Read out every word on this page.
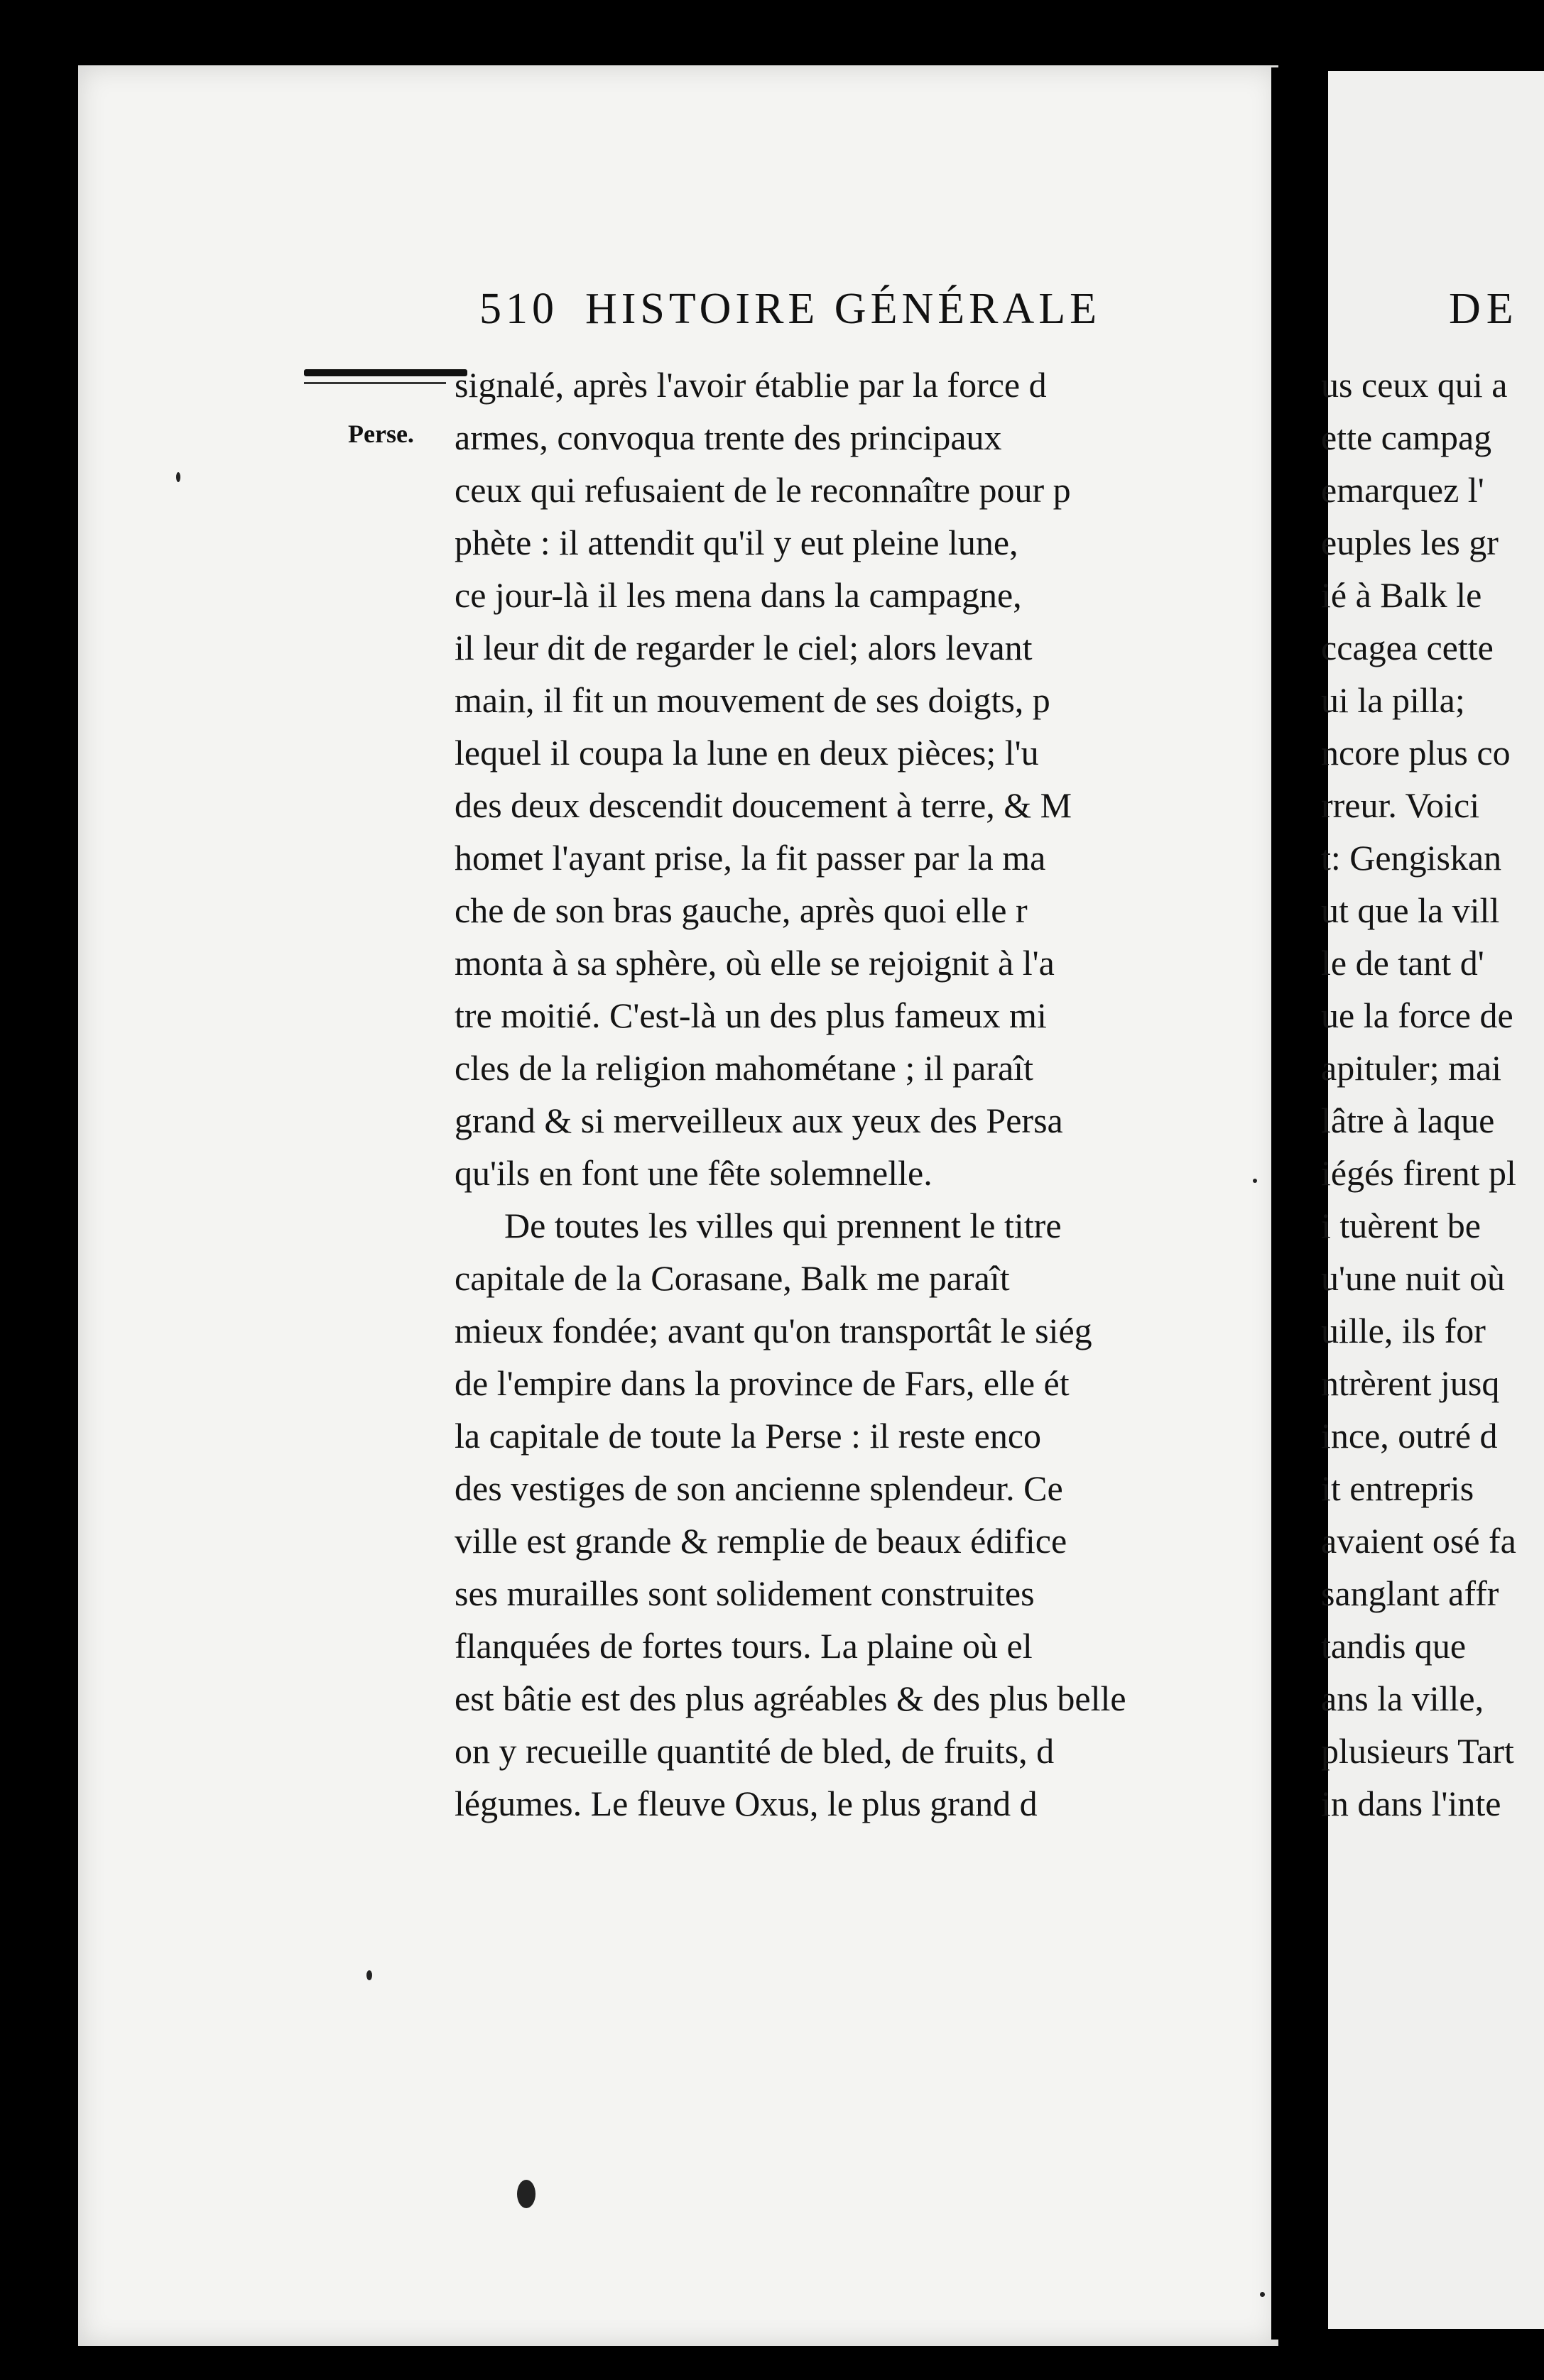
510 HISTOIRE GÉNÉRALE	DE
Perse.
signalé, après l'avoir établie par la force d
armes, convoqua trente des principaux
ceux qui refusaient de le reconnaître pour p
phète : il attendit qu'il y eut pleine lune,
ce jour-là il les mena dans la campagne,
il leur dit de regarder le ciel; alors levant
main, il fit un mouvement de ses doigts, p
lequel il coupa la lune en deux pièces; l'u
des deux descendit doucement à terre, & M
homet l'ayant prise, la fit passer par la ma
che de son bras gauche, après quoi elle r
monta à sa sphère, où elle se rejoignit à l'a
tre moitié. C'est-là un des plus fameux mi
cles de la religion mahométane ; il paraît
grand & si merveilleux aux yeux des Persa
qu'ils en font une fête solemnelle.
De toutes les villes qui prennent le titre
capitale de la Corasane, Balk me paraît
mieux fondée; avant qu'on transportât le siég
de l'empire dans la province de Fars, elle ét
la capitale de toute la Perse : il reste enco
des vestiges de son ancienne splendeur. Ce
ville est grande & remplie de beaux édifice
ses murailles sont solidement construites
flanquées de fortes tours. La plaine où el
est bâtie est des plus agréables & des plus belle
on y recueille quantité de bled, de fruits, d
légumes. Le fleuve Oxus, le plus grand d
us ceux qui a
ette campag
emarquez l'
euples les gr
ié à Balk le
ccagea cette
ui la pilla;
ncore plus co
rreur. Voici
t: Gengiskan
ut que la vill
le de tant d'
ue la force de
apituler; mai
lâtre à laque
iégés firent pl
i tuèrent be
u'une nuit où
uille, ils for
ntrèrent jusq
ince, outré d
it entrepris
avaient osé fa
sanglant affr
tandis que
ans la ville,
plusieurs Tart
in dans l'inte
